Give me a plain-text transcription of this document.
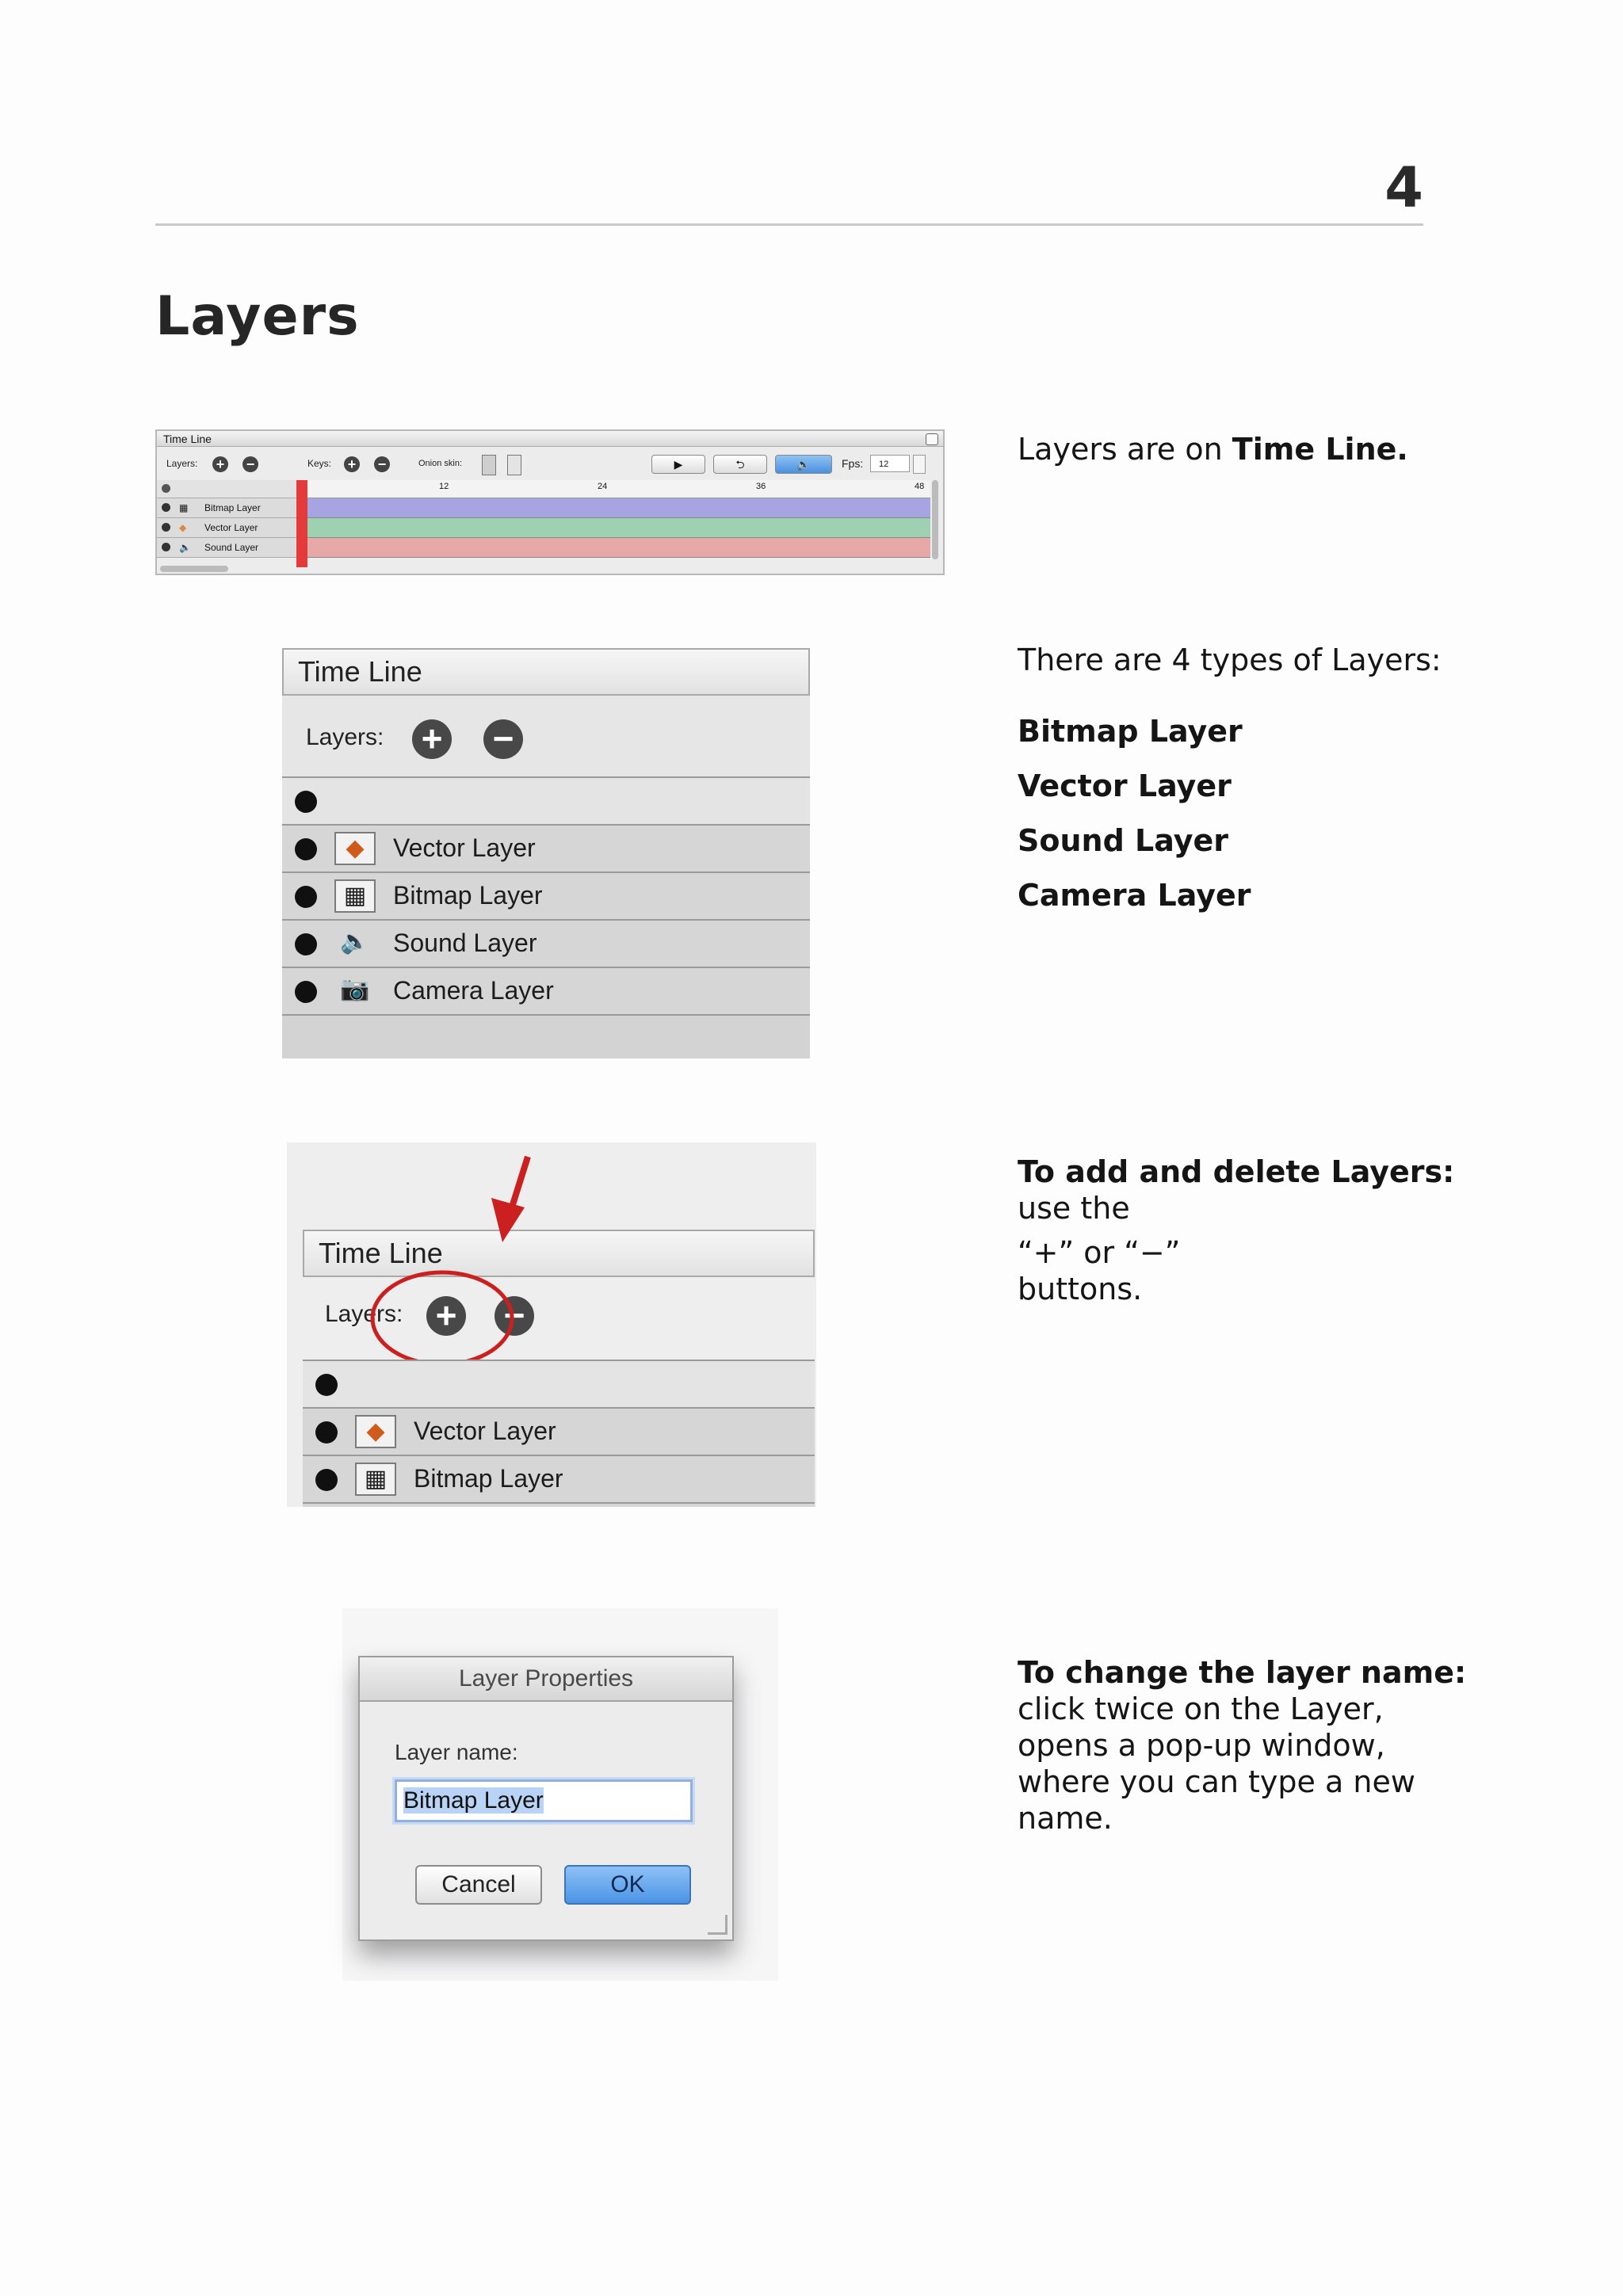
4
Layers
Time Line
Layers: + −	Keys: + −	Onion skin:	▶	⮌	🔈	Fps:	12
12	24	36	48
▦ Bitmap Layer
◆ Vector Layer
🔈 Sound Layer
Layers are on Time Line.
Time Line
Layers: + −
◆	Vector Layer
▦	Bitmap Layer
🔈 Sound Layer
📷 Camera Layer
There are 4 types of Layers:
Bitmap Layer
Vector Layer
Sound Layer
Camera Layer
Time Line
Layers: + −
◆	Vector Layer
▦	Bitmap Layer
To add and delete Layers:
use the
“+” or “−”
buttons.
Layer Properties
Layer name:
Bitmap Layer
Cancel	OK
To change the layer name:
click twice on the Layer,
opens a pop-up window,
where you can type a new
name.
